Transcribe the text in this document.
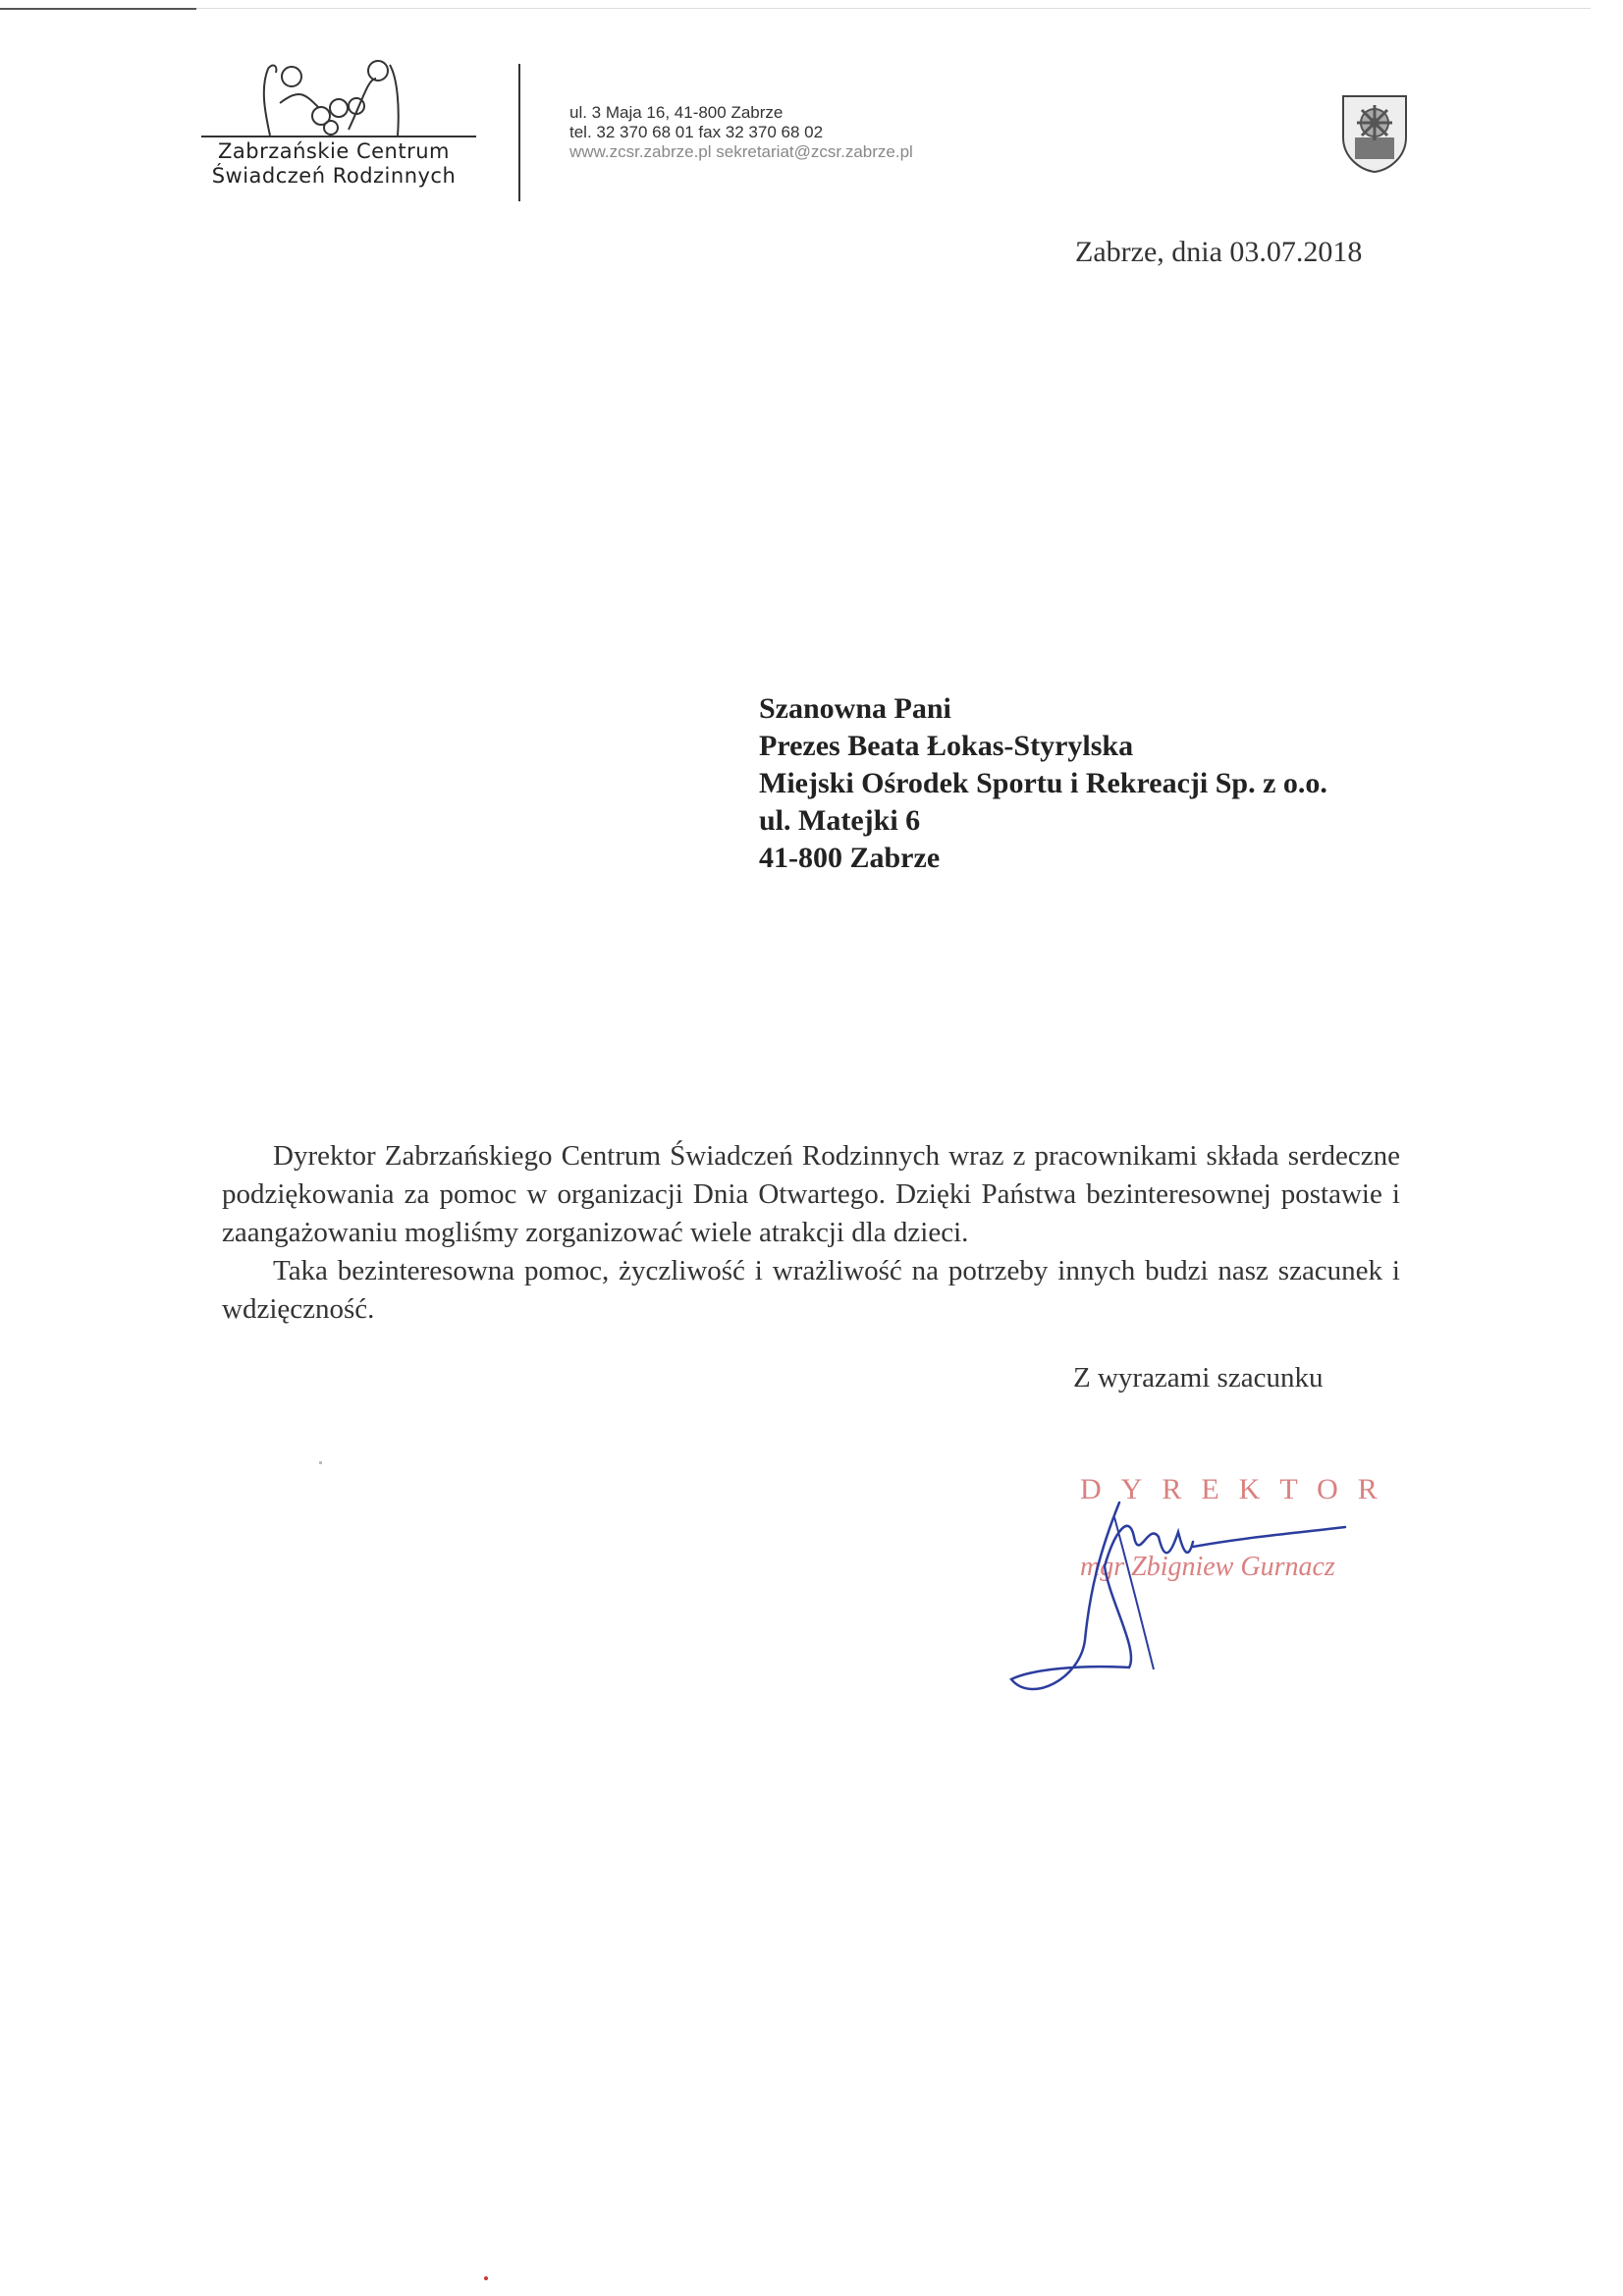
Zabrzańskie Centrum
Świadczeń Rodzinnych
ul. 3 Maja 16, 41-800 Zabrze
tel. 32 370 68 01 fax 32 370 68 02
www.zcsr.zabrze.pl sekretariat@zcsr.zabrze.pl
Zabrze, dnia 03.07.2018
Szanowna Pani
Prezes Beata Łokas-Styrylska
Miejski Ośrodek Sportu i Rekreacji Sp. z o.o.
ul. Matejki 6
41-800 Zabrze

Dyrektor Zabrzańskiego Centrum Świadczeń Rodzinnych wraz z pracownikami składa serdeczne podziękowania za pomoc w organizacji Dnia Otwartego. Dzięki Państwa bezinteresownej postawie i zaangażowaniu mogliśmy zorganizować wiele atrakcji dla dzieci.

Taka bezinteresowna pomoc, życzliwość i wrażliwość na potrzeby innych budzi nasz szacunek i wdzięczność.

Z wyrazami szacunku
DYREKTOR
mgr Zbigniew Gurnacz
